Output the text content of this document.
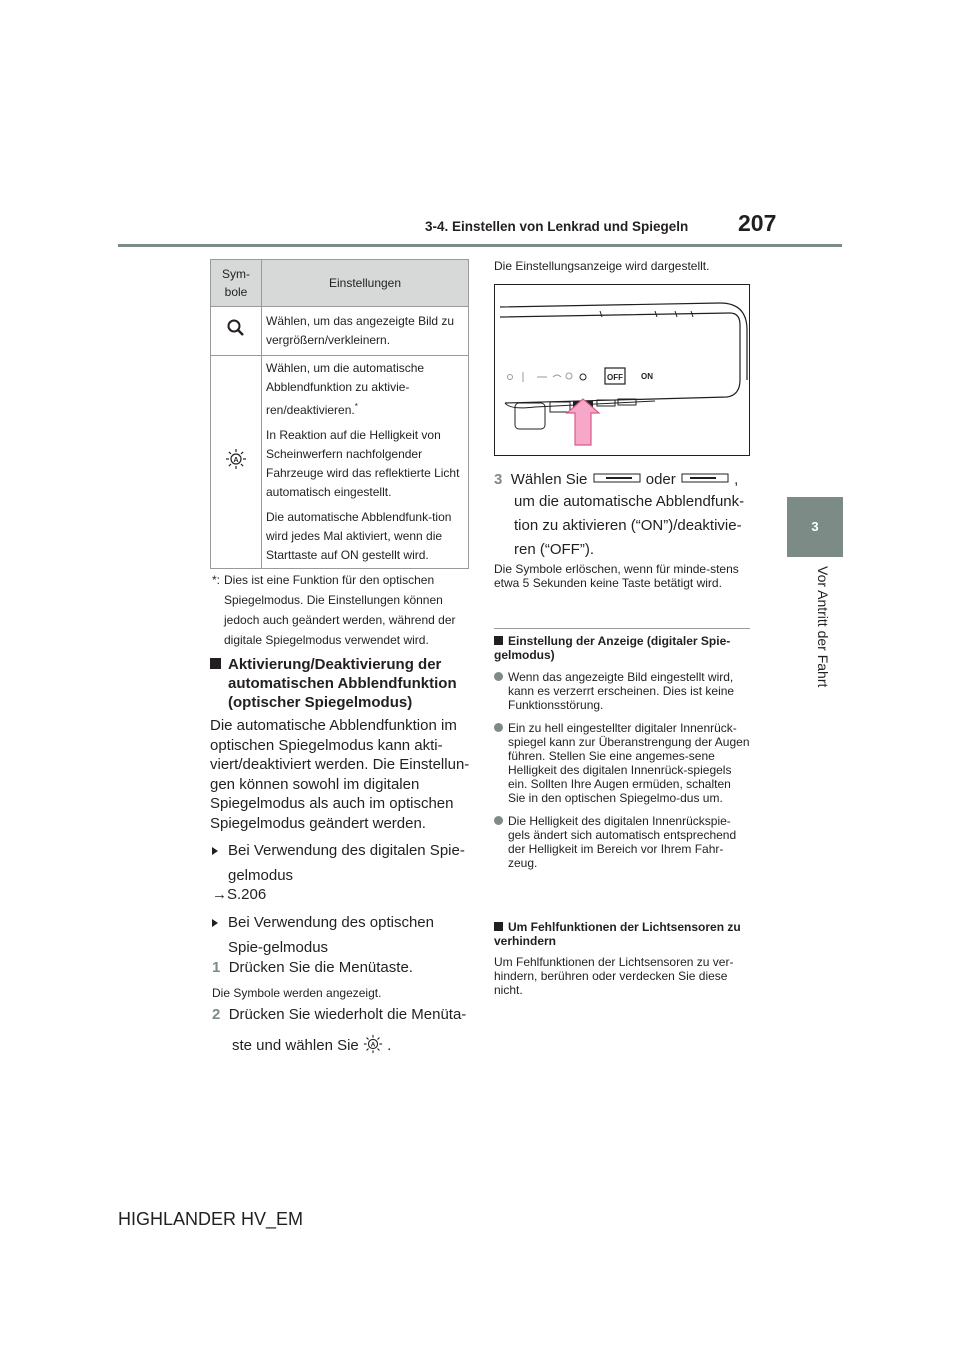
207
3-4. Einstellen von Lenkrad und Spiegeln
3
Vor Antritt der Fahrt
Sym-
bole	Einstellungen
	Wählen, um das angezeigte Bild zu vergrößern/verkleinern.

A	Wählen, um die automatische Abblendfunktion zu aktivie-ren/deaktivieren.*

In Reaktion auf die Helligkeit von Scheinwerfern nachfolgender Fahrzeuge wird das reflektierte Licht automatisch eingestellt.

Die automatische Abblendfunk-tion wird jedes Mal aktiviert, wenn die Starttaste auf ON gestellt wird.

*: Dies ist eine Funktion für den optischen Spiegelmodus. Die Einstellungen können jedoch auch geändert werden, während der digitale Spiegelmodus verwendet wird.
Aktivierung/Deaktivierung der automatischen Abblendfunktion (optischer Spiegelmodus)
Die automatische Abblendfunktion im optischen Spiegelmodus kann akti-viert/deaktiviert werden. Die Einstellun-gen können sowohl im digitalen Spiegelmodus als auch im optischen Spiegelmodus geändert werden.
Bei Verwendung des digitalen Spie-gelmodus
→S.206
Bei Verwendung des optischen Spie-gelmodus
1 Drücken Sie die Menütaste.
Die Symbole werden angezeigt.
2 Drücken Sie wiederholt die Menüta-
ste und wählen Sie A .
Die Einstellungsanzeige wird dargestellt.
OFF ON
3 Wählen Sie	oder	,
um die automatische Abblendfunk-tion zu aktivieren (“ON”)/deaktivie-ren (“OFF”).
Die Symbole erlöschen, wenn für minde-stens etwa 5 Sekunden keine Taste betätigt wird.
Einstellung der Anzeige (digitaler Spie-gelmodus)
Wenn das angezeigte Bild eingestellt wird, kann es verzerrt erscheinen. Dies ist keine Funktionsstörung.
Ein zu hell eingestellter digitaler Innenrück-spiegel kann zur Überanstrengung der Augen führen. Stellen Sie eine angemes-sene Helligkeit des digitalen Innenrück-spiegels ein. Sollten Ihre Augen ermüden, schalten Sie in den optischen Spiegelmo-dus um.
Die Helligkeit des digitalen Innenrückspie-gels ändert sich automatisch entsprechend der Helligkeit im Bereich vor Ihrem Fahr-zeug.
Um Fehlfunktionen der Lichtsensoren zu verhindern
Um Fehlfunktionen der Lichtsensoren zu ver-hindern, berühren oder verdecken Sie diese nicht.
HIGHLANDER HV_EM
